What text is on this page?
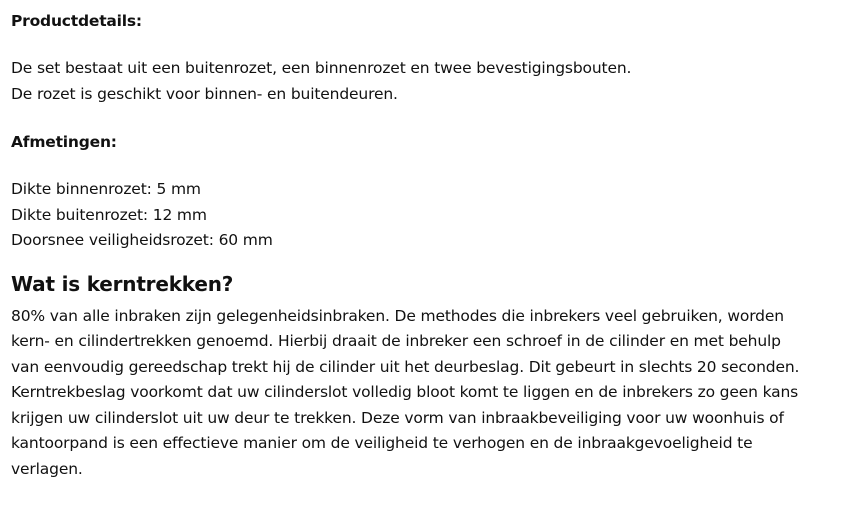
Productdetails:

De set bestaat uit een buitenrozet, een binnenrozet en twee bevestigingsbouten.
De rozet is geschikt voor binnen- en buitendeuren.

Afmetingen:

Dikte binnenrozet: 5 mm
Dikte buitenrozet: 12 mm
Doorsnee veiligheidsrozet: 60 mm

Wat is kerntrekken?

80% van alle inbraken zijn gelegenheidsinbraken. De methodes die inbrekers veel gebruiken, worden
kern- en cilindertrekken genoemd. Hierbij draait de inbreker een schroef in de cilinder en met behulp
van eenvoudig gereedschap trekt hij de cilinder uit het deurbeslag. Dit gebeurt in slechts 20 seconden.
Kerntrekbeslag voorkomt dat uw cilinderslot volledig bloot komt te liggen en de inbrekers zo geen kans
krijgen uw cilinderslot uit uw deur te trekken. Deze vorm van inbraakbeveiliging voor uw woonhuis of
kantoorpand is een effectieve manier om de veiligheid te verhogen en de inbraakgevoeligheid te
verlagen.
